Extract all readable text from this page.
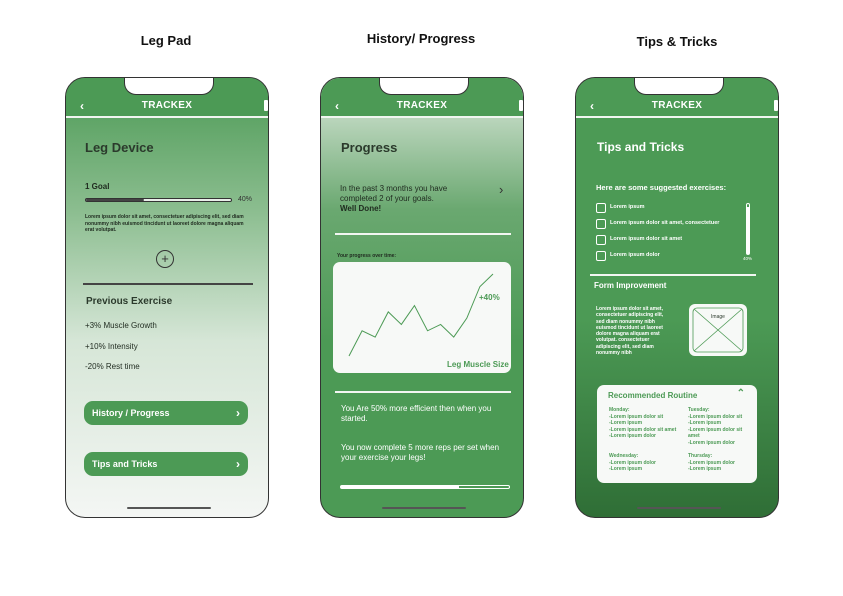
Leg Pad	History/ Progress	Tips & Tricks
‹	TRACKEX
Leg Device
1 Goal
40%
Lorem ipsum dolor sit amet, consectetuer adipiscing elit, sed diam nonummy nibh euismod tincidunt ut laoreet dolore magna aliquam erat volutpat.
+
Previous Exercise
+3% Muscle Growth
+10% Intensity
-20% Rest time
History / Progress	›
Tips and Tricks	›
‹	TRACKEX
Progress
In the past 3 months you have completed 2 of your goals.
Well Done!
›
Your progress over time:
+40%
Leg Muscle Size
You Are 50% more efficient then when you started.
You now complete 5 more reps per set when your exercise your legs!
‹	TRACKEX
Tips and Tricks
Here are some suggested exercises:
Lorem ipsum
Lorem ipsum dolor sit amet, consectetuer
Lorem ipsum dolor sit amet
Lorem ipsum dolor
40%
Form Improvement
Lorem ipsum dolor sit amet, consectetuer adipiscing elit, sed diam nonummy nibh euismod tincidunt ut laoreet dolore magna aliquam erat volutpat. consectetuer adipiscing elit, sed diam nonummy nibh
Image
Recommended Routine	⌃
Monday:
-Lorem ipsum dolor sit
-Lorem ipsum
-Lorem ipsum dolor sit amet
-Lorem ipsum dolor
Tuesday:
-Lorem ipsum dolor sit
-Lorem ipsum
-Lorem ipsum dolor sit amet
-Lorem ipsum dolor
Wednesday:
-Lorem ipsum dolor
-Lorem ipsum
Thursday:
-Lorem ipsum dolor
-Lorem ipsum
